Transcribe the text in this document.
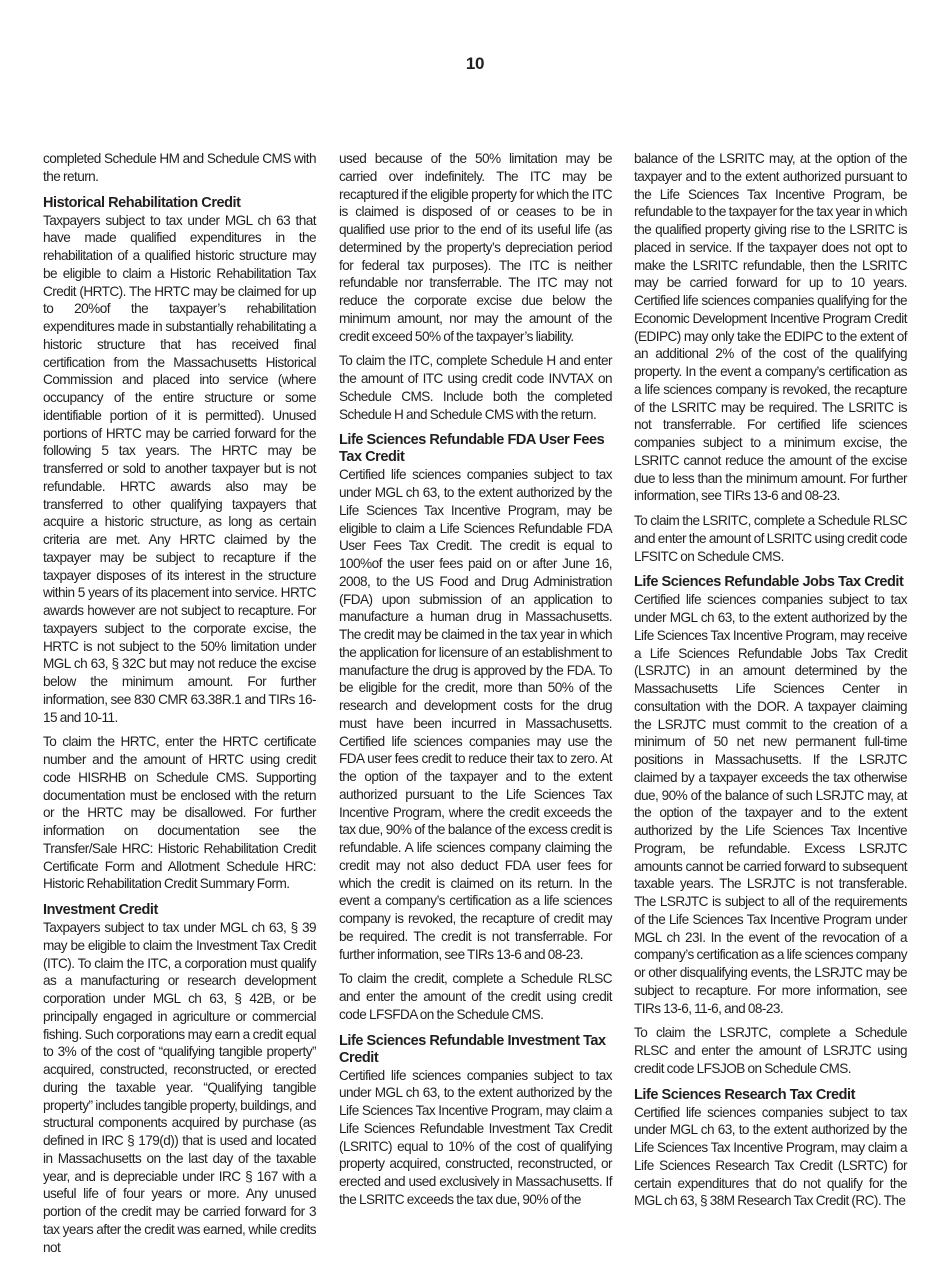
10

completed Schedule HM and Schedule CMS with the return.

Historical Rehabilitation Credit

Taxpayers subject to tax under MGL ch 63 that have made qualified expenditures in the rehabilitation of a qualified historic structure may be eligible to claim a Historic Rehabilitation Tax Credit (HRTC). The HRTC may be claimed for up to 20%of the taxpayer’s rehabilitation expenditures made in substantially rehabilitating a historic structure that has received final certification from the Massachusetts Historical Commission and placed into service (where occupancy of the entire structure or some identifiable portion of it is permitted). Unused portions of HRTC may be carried forward for the following 5 tax years. The HRTC may be transferred or sold to another taxpayer but is not refundable. HRTC awards also may be transferred to other qualifying taxpayers that acquire a historic structure, as long as certain criteria are met. Any HRTC claimed by the taxpayer may be subject to recapture if the taxpayer disposes of its interest in the structure within 5 years of its placement into service. HRTC awards however are not subject to recapture. For taxpayers subject to the corporate excise, the HRTC is not subject to the 50% limitation under MGL ch 63, § 32C but may not reduce the excise below the minimum amount. For further information, see 830 CMR 63.38R.1 and TIRs 16-15 and 10-11.

To claim the HRTC, enter the HRTC certificate number and the amount of HRTC using credit code HISRHB on Schedule CMS. Supporting documentation must be enclosed with the return or the HRTC may be disallowed. For further information on documentation see the Transfer/Sale HRC: Historic Rehabilitation Credit Certificate Form and Allotment Schedule HRC: Historic Rehabilitation Credit Summary Form.

Investment Credit

Taxpayers subject to tax under MGL ch 63, § 39 may be eligible to claim the Investment Tax Credit (ITC). To claim the ITC, a corporation must qualify as a manufacturing or research development corporation under MGL ch 63, § 42B, or be principally engaged in agriculture or commercial fishing. Such corporations may earn a credit equal to 3% of the cost of “qualifying tangible property” acquired, constructed, reconstructed, or erected during the taxable year. “Qualifying tangible property” includes tangible property, buildings, and structural components acquired by purchase (as defined in IRC § 179(d)) that is used and located in Massachusetts on the last day of the taxable year, and is depreciable under IRC § 167 with a useful life of four years or more. Any unused portion of the credit may be carried forward for 3 tax years after the credit was earned, while credits not

used because of the 50% limitation may be carried over indefinitely. The ITC may be recaptured if the eligible property for which the ITC is claimed is disposed of or ceases to be in qualified use prior to the end of its useful life (as determined by the property’s depreciation period for federal tax purposes). The ITC is neither refundable nor transferrable. The ITC may not reduce the corporate excise due below the minimum amount, nor may the amount of the credit exceed 50% of the taxpayer’s liability.

To claim the ITC, complete Schedule H and enter the amount of ITC using credit code INVTAX on Schedule CMS. Include both the completed Schedule H and Schedule CMS with the return.

Life Sciences Refundable FDA User Fees Tax Credit

Certified life sciences companies subject to tax under MGL ch 63, to the extent authorized by the Life Sciences Tax Incentive Program, may be eligible to claim a Life Sciences Refundable FDA User Fees Tax Credit. The credit is equal to 100%of the user fees paid on or after June 16, 2008, to the US Food and Drug Administration (FDA) upon submission of an application to manufacture a human drug in Massachusetts. The credit may be claimed in the tax year in which the application for licensure of an establishment to manufacture the drug is approved by the FDA. To be eligible for the credit, more than 50% of the research and development costs for the drug must have been incurred in Massachusetts. Certified life sciences companies may use the FDA user fees credit to reduce their tax to zero. At the option of the taxpayer and to the extent authorized pursuant to the Life Sciences Tax Incentive Program, where the credit exceeds the tax due, 90% of the balance of the excess credit is refundable. A life sciences company claiming the credit may not also deduct FDA user fees for which the credit is claimed on its return. In the event a company’s certification as a life sciences company is revoked, the recapture of credit may be required. The credit is not transferrable. For further information, see TIRs 13-6 and 08-23.

To claim the credit, complete a Schedule RLSC and enter the amount of the credit using credit code LFSFDA on the Schedule CMS.

Life Sciences Refundable Investment Tax Credit

Certified life sciences companies subject to tax under MGL ch 63, to the extent authorized by the Life Sciences Tax Incentive Program, may claim a Life Sciences Refundable Investment Tax Credit (LSRITC) equal to 10% of the cost of qualifying property acquired, constructed, reconstructed, or erected and used exclusively in Massachusetts. If the LSRITC exceeds the tax due, 90% of the

balance of the LSRITC may, at the option of the taxpayer and to the extent authorized pursuant to the Life Sciences Tax Incentive Program, be refundable to the taxpayer for the tax year in which the qualified property giving rise to the LSRITC is placed in service. If the taxpayer does not opt to make the LSRITC refundable, then the LSRITC may be carried forward for up to 10 years. Certified life sciences companies qualifying for the Economic Development Incentive Program Credit (EDIPC) may only take the EDIPC to the extent of an additional 2% of the cost of the qualifying property. In the event a company’s certification as a life sciences company is revoked, the recapture of the LSRITC may be required. The LSRITC is not transferrable. For certified life sciences companies subject to a minimum excise, the LSRITC cannot reduce the amount of the excise due to less than the minimum amount. For further information, see TIRs 13-6 and 08-23.

To claim the LSRITC, complete a Schedule RLSC and enter the amount of LSRITC using credit code LFSITC on Schedule CMS.

Life Sciences Refundable Jobs Tax Credit

Certified life sciences companies subject to tax under MGL ch 63, to the extent authorized by the Life Sciences Tax Incentive Program, may receive a Life Sciences Refundable Jobs Tax Credit (LSRJTC) in an amount determined by the Massachusetts Life Sciences Center in consultation with the DOR. A taxpayer claiming the LSRJTC must commit to the creation of a minimum of 50 net new permanent full-time positions in Massachusetts. If the LSRJTC claimed by a taxpayer exceeds the tax otherwise due, 90% of the balance of such LSRJTC may, at the option of the taxpayer and to the extent authorized by the Life Sciences Tax Incentive Program, be refundable. Excess LSRJTC amounts cannot be carried forward to subsequent taxable years. The LSRJTC is not transferable. The LSRJTC is subject to all of the requirements of the Life Sciences Tax Incentive Program under MGL ch 23I. In the event of the revocation of a company’s certification as a life sciences company or other disqualifying events, the LSRJTC may be subject to recapture. For more information, see TIRs 13-6, 11-6, and 08-23.

To claim the LSRJTC, complete a Schedule RLSC and enter the amount of LSRJTC using credit code LFSJOB on Schedule CMS.

Life Sciences Research Tax Credit

Certified life sciences companies subject to tax under MGL ch 63, to the extent authorized by the Life Sciences Tax Incentive Program, may claim a Life Sciences Research Tax Credit (LSRTC) for certain expenditures that do not qualify for the MGL ch 63, § 38M Research Tax Credit (RC). The
